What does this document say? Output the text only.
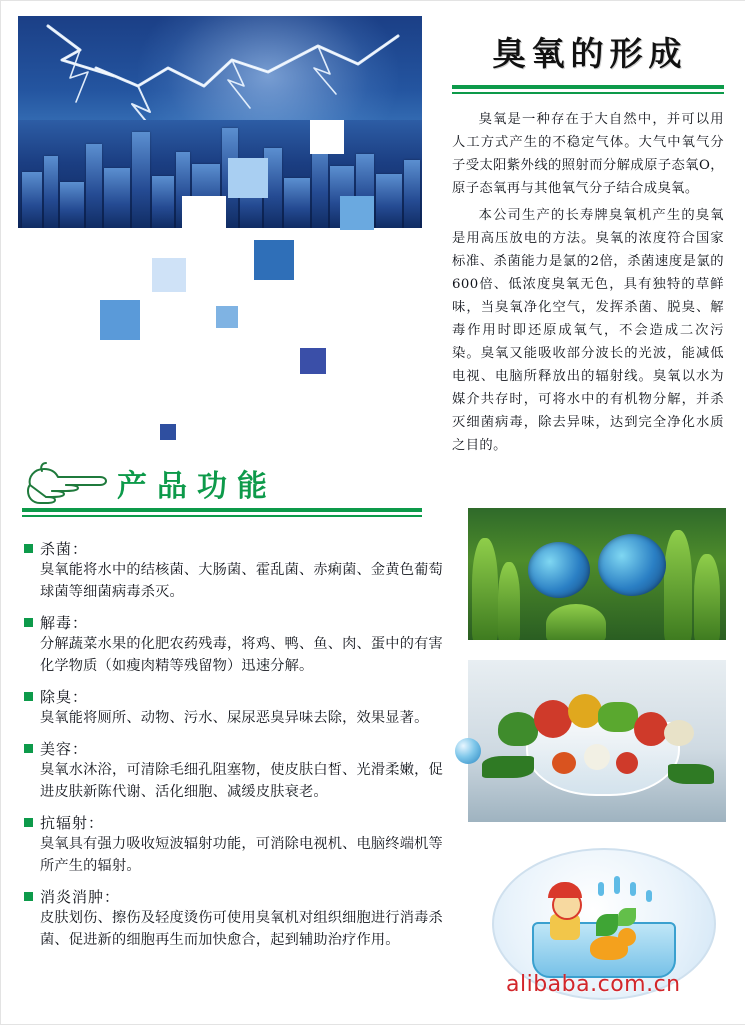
臭氧的形成

臭氧是一种存在于大自然中，并可以用人工方式产生的不稳定气体。大气中氧气分子受太阳紫外线的照射而分解成原子态氧O，原子态氧再与其他氧气分子结合成臭氧。

本公司生产的长寿牌臭氧机产生的臭氧是用高压放电的方法。臭氧的浓度符合国家标准、杀菌能力是氯的2倍，杀菌速度是氯的600倍、低浓度臭氧无色，具有独特的草鲜味，当臭氧净化空气，发挥杀菌、脱臭、解毒作用时即还原成氧气，不会造成二次污染。臭氧又能吸收部分波长的光波，能减低电视、电脑所释放出的辐射线。臭氧以水为媒介共存时，可将水中的有机物分解，并杀灭细菌病毒，除去异味，达到完全净化水质之目的。

产品功能
杀菌：
臭氧能将水中的结核菌、大肠菌、霍乱菌、赤痢菌、金黄色葡萄球菌等细菌病毒杀灭。
解毒：
分解蔬菜水果的化肥农药残毒，将鸡、鸭、鱼、肉、蛋中的有害化学物质（如瘦肉精等残留物）迅速分解。
除臭：
臭氧能将厕所、动物、污水、屎尿恶臭异味去除，效果显著。
美容：
臭氧水沐浴，可清除毛细孔阻塞物，使皮肤白皙、光滑柔嫩，促进皮肤新陈代谢、活化细胞、减缓皮肤衰老。
抗辐射：
臭氧具有强力吸收短波辐射功能，可消除电视机、电脑终端机等所产生的辐射。
消炎消肿：
皮肤划伤、擦伤及轻度烫伤可使用臭氧机对组织细胞进行消毒杀菌、促进新的细胞再生而加快愈合，起到辅助治疗作用。
alibaba.com.cn
